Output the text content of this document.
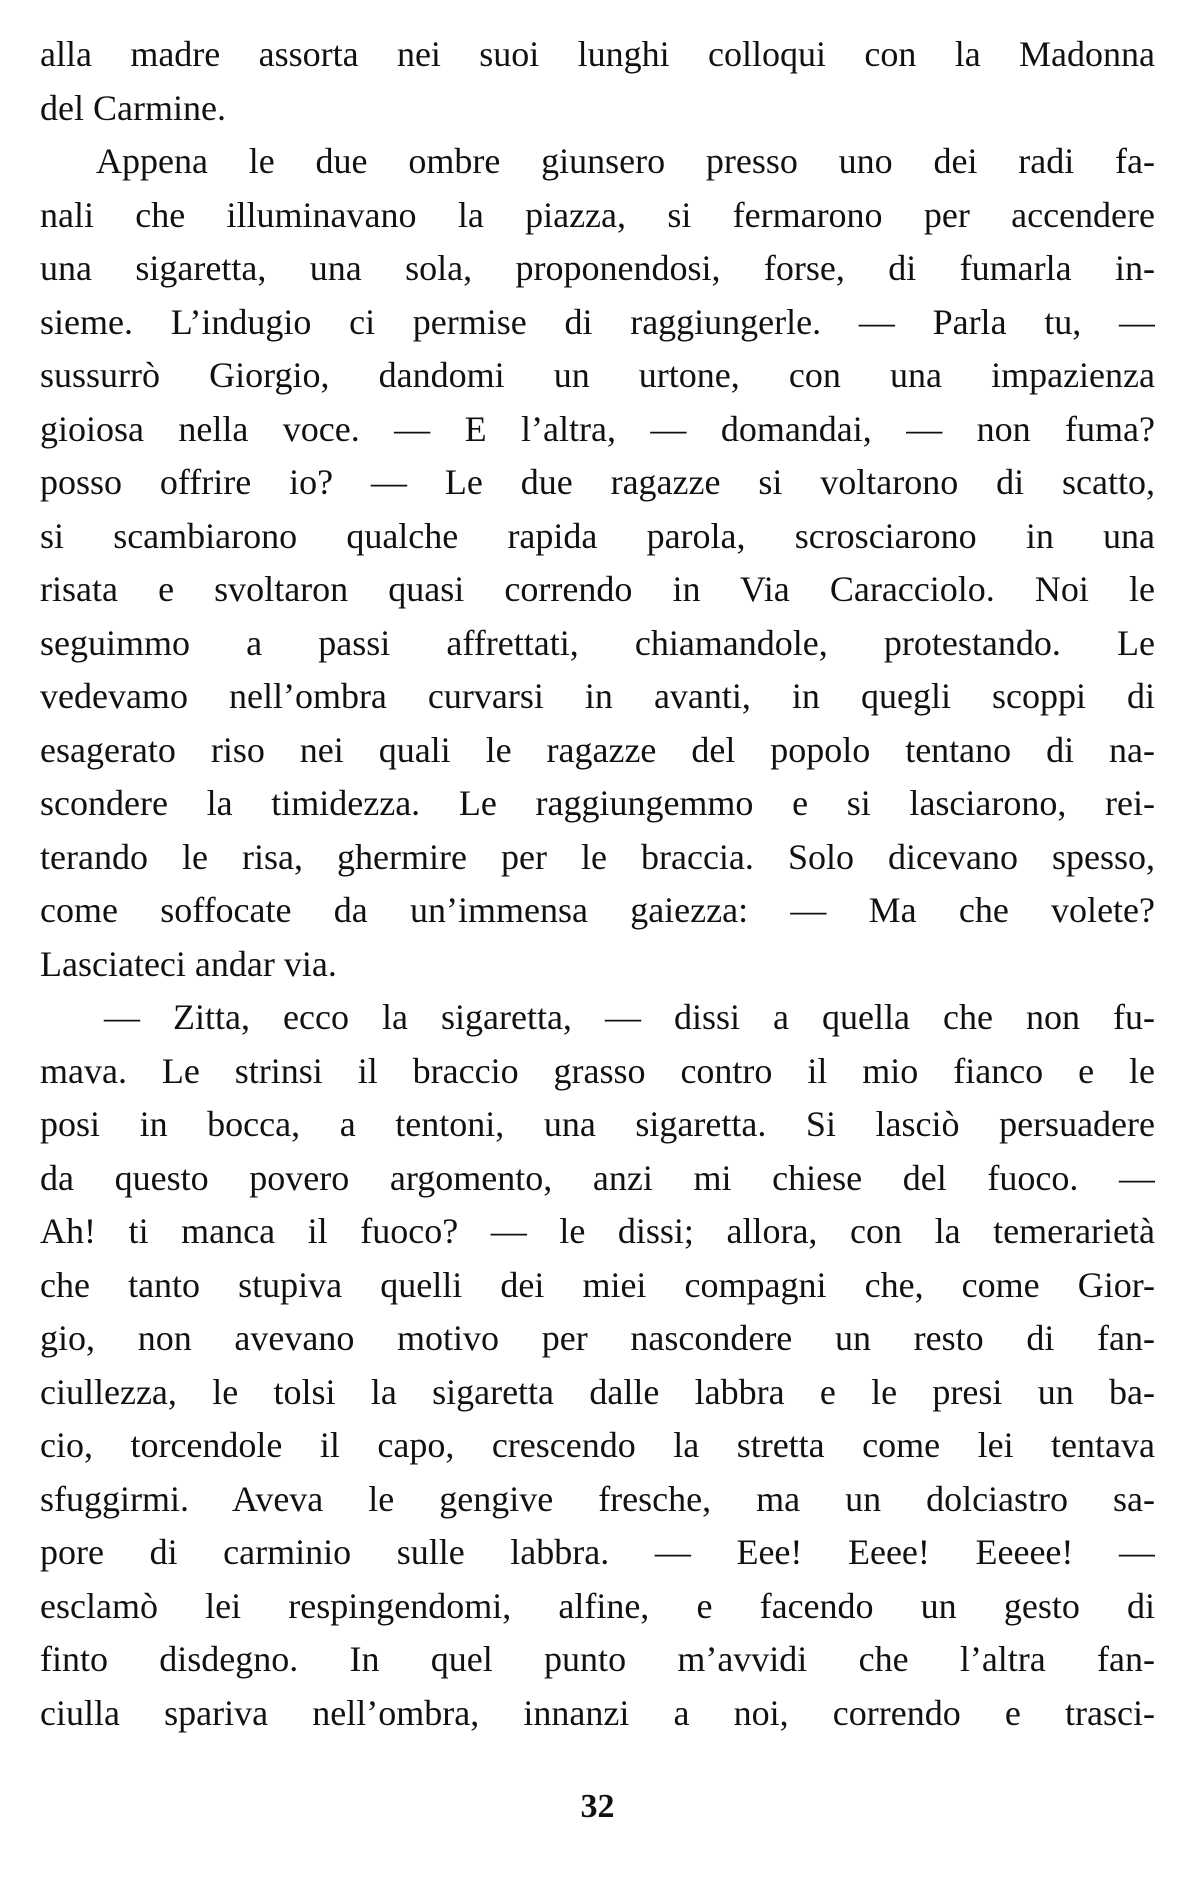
alla madre assorta nei suoi lunghi colloqui con la Madonna
del Carmine.
Appena le due ombre giunsero presso uno dei radi fa-
nali che illuminavano la piazza, si fermarono per accendere
una sigaretta, una sola, proponendosi, forse, di fumarla in-
sieme. L’indugio ci permise di raggiungerle. — Parla tu, —
sussurrò Giorgio, dandomi un urtone, con una impazienza
gioiosa nella voce. — E l’altra, — domandai, — non fuma?
posso offrire io? — Le due ragazze si voltarono di scatto,
si scambiarono qualche rapida parola, scrosciarono in una
risata e svoltaron quasi correndo in Via Caracciolo. Noi le
seguimmo a passi affrettati, chiamandole, protestando. Le
vedevamo nell’ombra curvarsi in avanti, in quegli scoppi di
esagerato riso nei quali le ragazze del popolo tentano di na-
scondere la timidezza. Le raggiungemmo e si lasciarono, rei-
terando le risa, ghermire per le braccia. Solo dicevano spesso,
come soffocate da un’immensa gaiezza: — Ma che volete?
Lasciateci andar via.
— Zitta, ecco la sigaretta, — dissi a quella che non fu-
mava. Le strinsi il braccio grasso contro il mio fianco e le
posi in bocca, a tentoni, una sigaretta. Si lasciò persuadere
da questo povero argomento, anzi mi chiese del fuoco. —
Ah! ti manca il fuoco? — le dissi; allora, con la temerarietà
che tanto stupiva quelli dei miei compagni che, come Gior-
gio, non avevano motivo per nascondere un resto di fan-
ciullezza, le tolsi la sigaretta dalle labbra e le presi un ba-
cio, torcendole il capo, crescendo la stretta come lei tentava
sfuggirmi. Aveva le gengive fresche, ma un dolciastro sa-
pore di carminio sulle labbra. — Eee! Eeee! Eeeee! —
esclamò lei respingendomi, alfine, e facendo un gesto di
finto disdegno. In quel punto m’avvidi che l’altra fan-
ciulla spariva nell’ombra, innanzi a noi, correndo e trasci-
32
